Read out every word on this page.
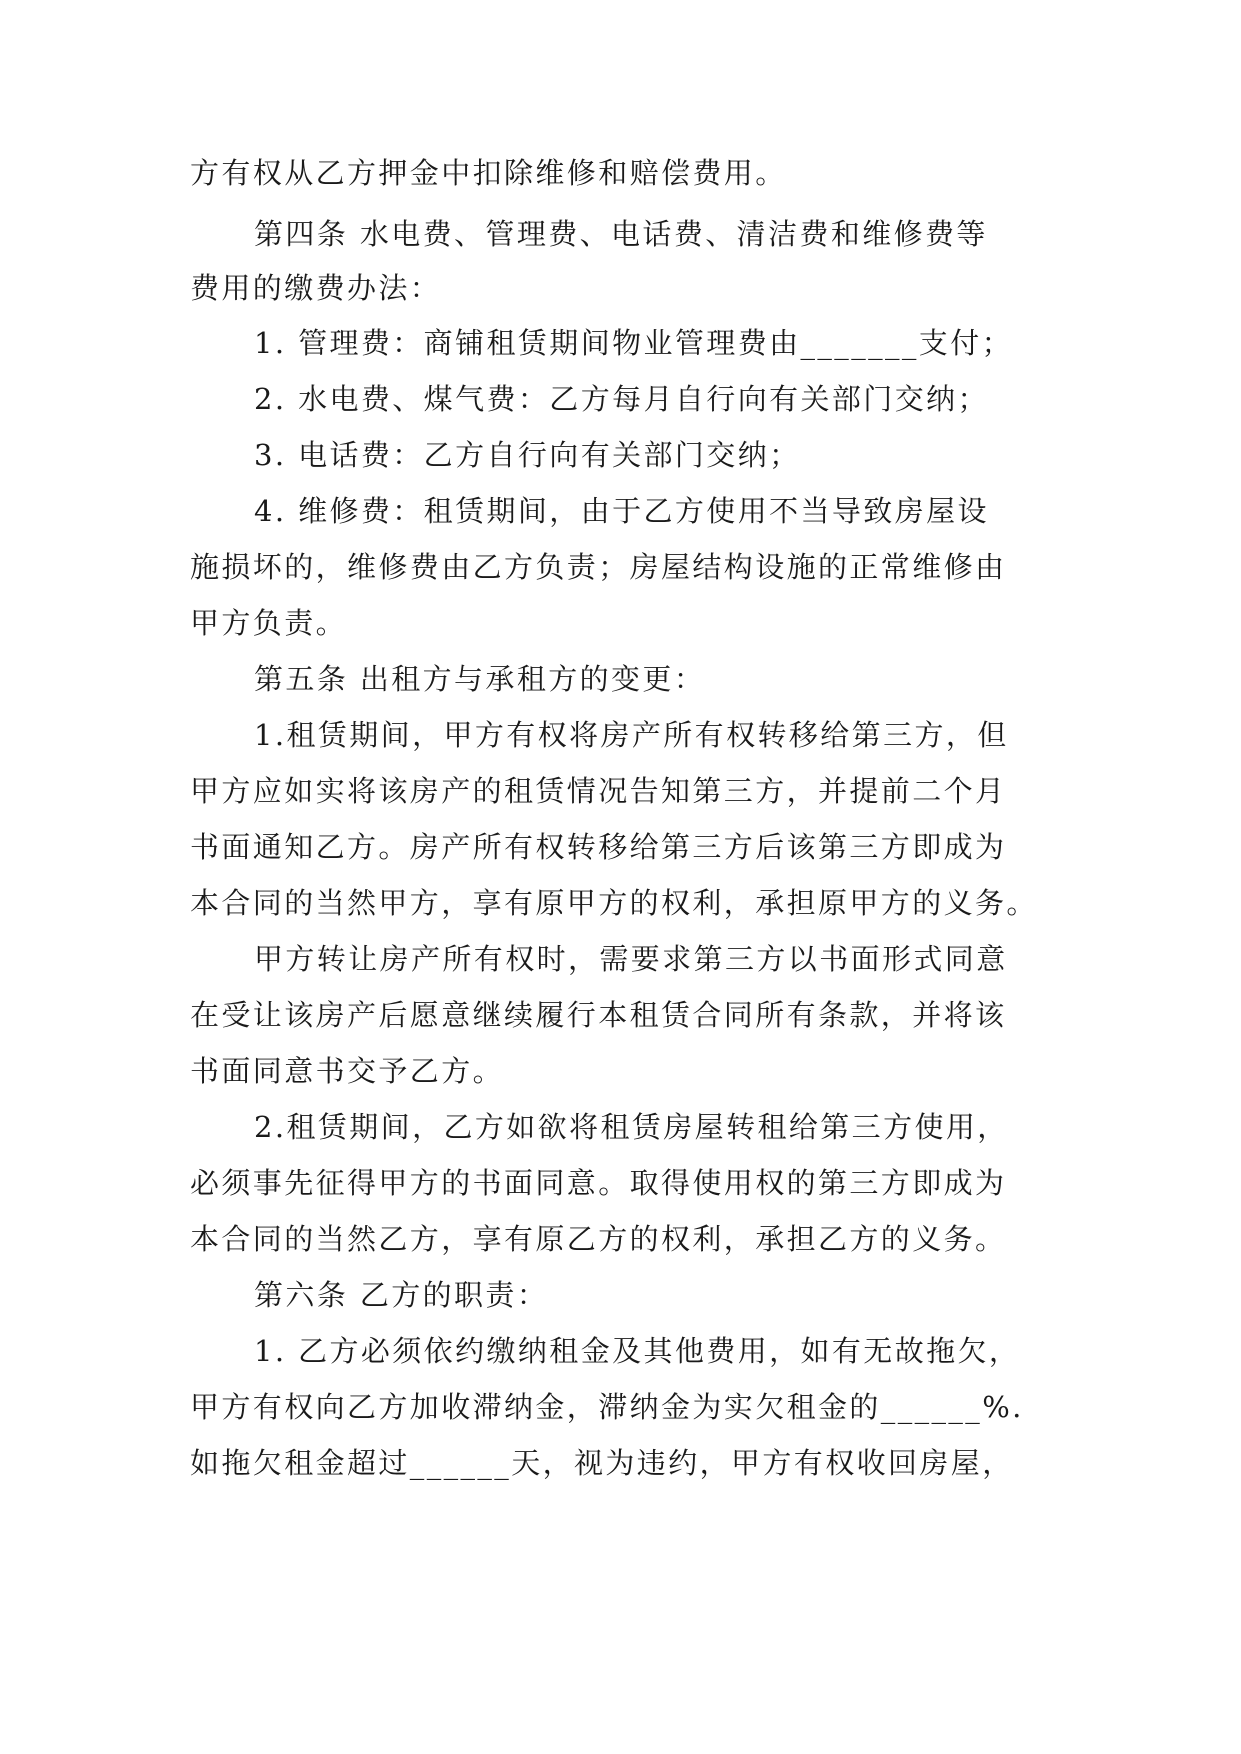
方有权从乙方押金中扣除维修和赔偿费用。
第四条 水电费、管理费、电话费、清洁费和维修费等
费用的缴费办法：
1. 管理费：商铺租赁期间物业管理费由_______支付；
2. 水电费、煤气费：乙方每月自行向有关部门交纳；
3. 电话费：乙方自行向有关部门交纳；
4. 维修费：租赁期间，由于乙方使用不当导致房屋设
施损坏的，维修费由乙方负责；房屋结构设施的正常维修由
甲方负责。
第五条 出租方与承租方的变更：
1.租赁期间，甲方有权将房产所有权转移给第三方，但
甲方应如实将该房产的租赁情况告知第三方，并提前二个月
书面通知乙方。房产所有权转移给第三方后该第三方即成为
本合同的当然甲方，享有原甲方的权利，承担原甲方的义务。
甲方转让房产所有权时，需要求第三方以书面形式同意
在受让该房产后愿意继续履行本租赁合同所有条款，并将该
书面同意书交予乙方。
2.租赁期间，乙方如欲将租赁房屋转租给第三方使用，
必须事先征得甲方的书面同意。取得使用权的第三方即成为
本合同的当然乙方，享有原乙方的权利，承担乙方的义务。
第六条 乙方的职责：
1. 乙方必须依约缴纳租金及其他费用，如有无故拖欠，
甲方有权向乙方加收滞纳金，滞纳金为实欠租金的______%.
如拖欠租金超过______天，视为违约，甲方有权收回房屋，
